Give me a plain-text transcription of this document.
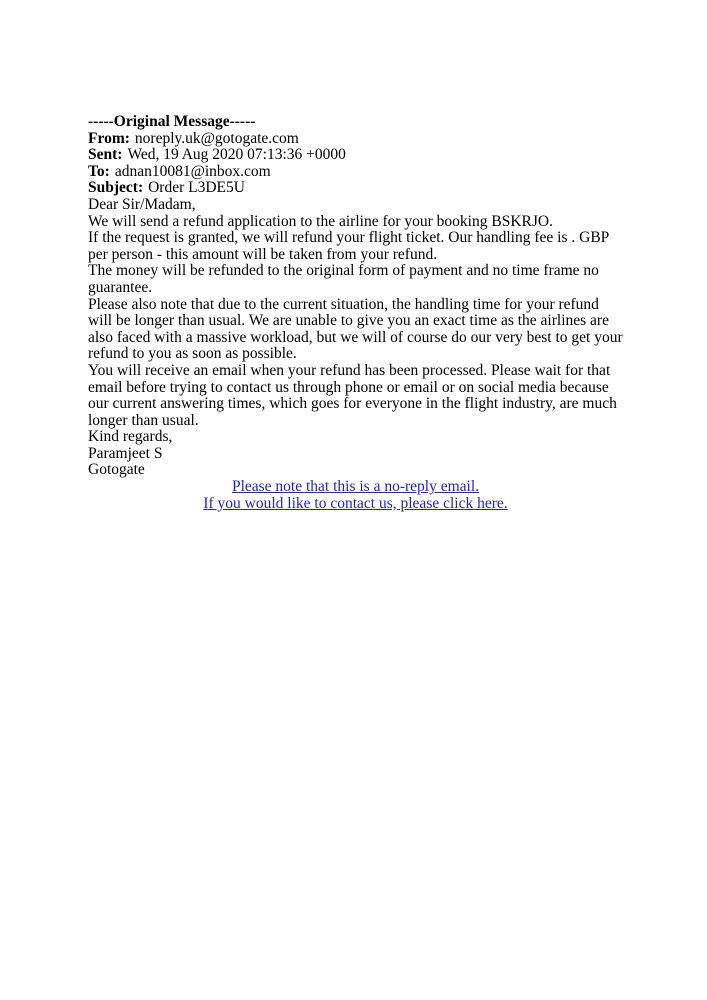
-----Original Message-----
From: noreply.uk@gotogate.com
Sent: Wed, 19 Aug 2020 07:13:36 +0000
To: adnan10081@inbox.com
Subject: Order L3DE5U

Dear Sir/Madam,

We will send a refund application to the airline for your booking BSKRJO.

If the request is granted, we will refund your flight ticket. Our handling fee is . GBP per person - this amount will be taken from your refund.

The money will be refunded to the original form of payment and no time frame no guarantee.

Please also note that due to the current situation, the handling time for your refund will be longer than usual. We are unable to give you an exact time as the airlines are also faced with a massive workload, but we will of course do our very best to get your refund to you as soon as possible.

You will receive an email when your refund has been processed. Please wait for that email before trying to contact us through phone or email or on social media because our current answering times, which goes for everyone in the flight industry, are much longer than usual.

Kind regards,

Paramjeet S

Gotogate

Please note that this is a no-reply email.
If you would like to contact us, please click here.
